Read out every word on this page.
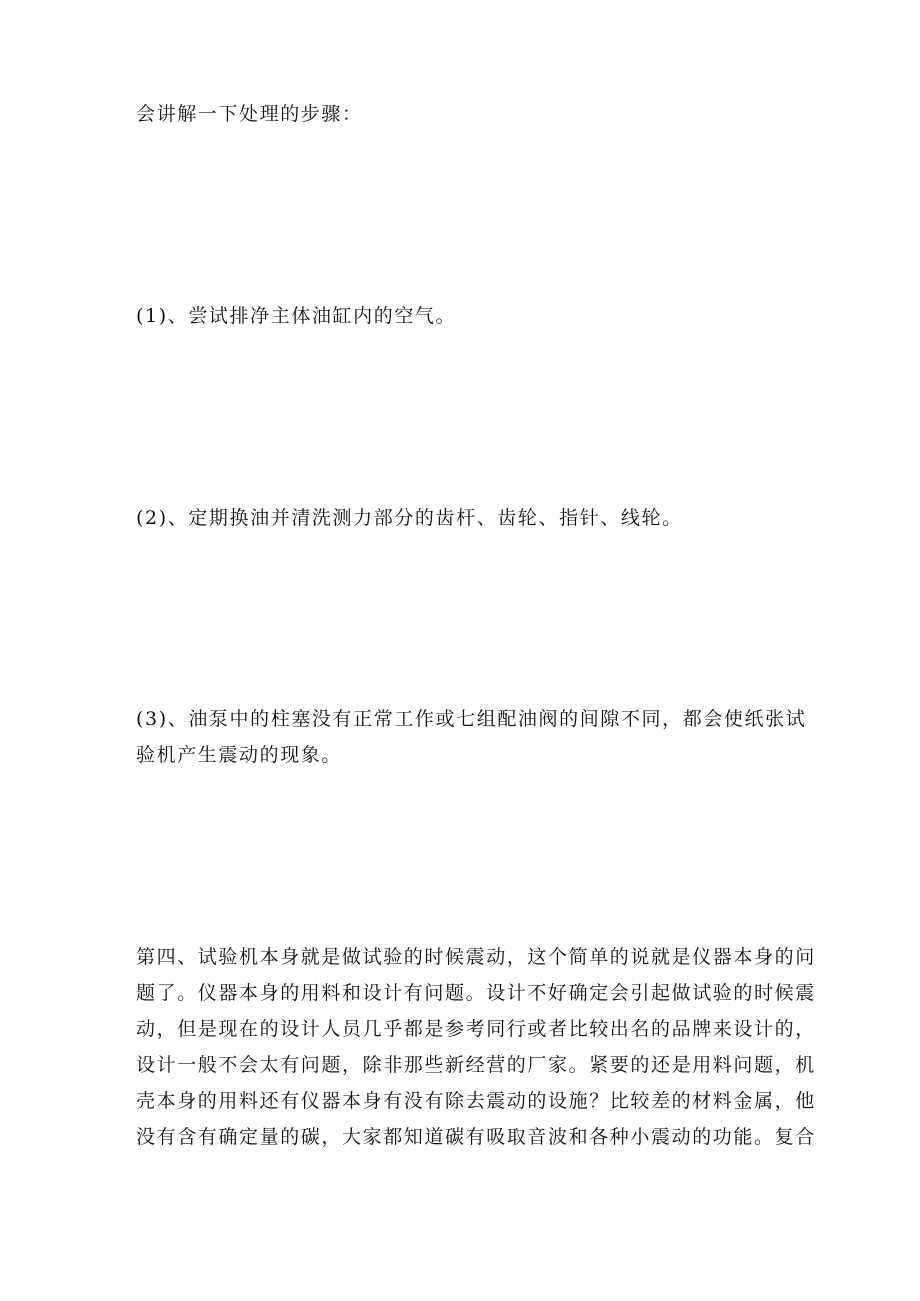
会讲解一下处理的步骤：

(1)、尝试排净主体油缸内的空气。

(2)、定期换油并清洗测力部分的齿杆、齿轮、指针、线轮。

(3)、油泵中的柱塞没有正常工作或七组配油阀的间隙不同，都会使纸张试
验机产生震动的现象。

第四、试验机本身就是做试验的时候震动，这个简单的说就是仪器本身的问
题了。仪器本身的用料和设计有问题。设计不好确定会引起做试验的时候震
动，但是现在的设计人员几乎都是参考同行或者比较出名的品牌来设计的，
设计一般不会太有问题，除非那些新经营的厂家。紧要的还是用料问题，机
壳本身的用料还有仪器本身有没有除去震动的设施？比较差的材料金属，他
没有含有确定量的碳，大家都知道碳有吸取音波和各种小震动的功能。复合
